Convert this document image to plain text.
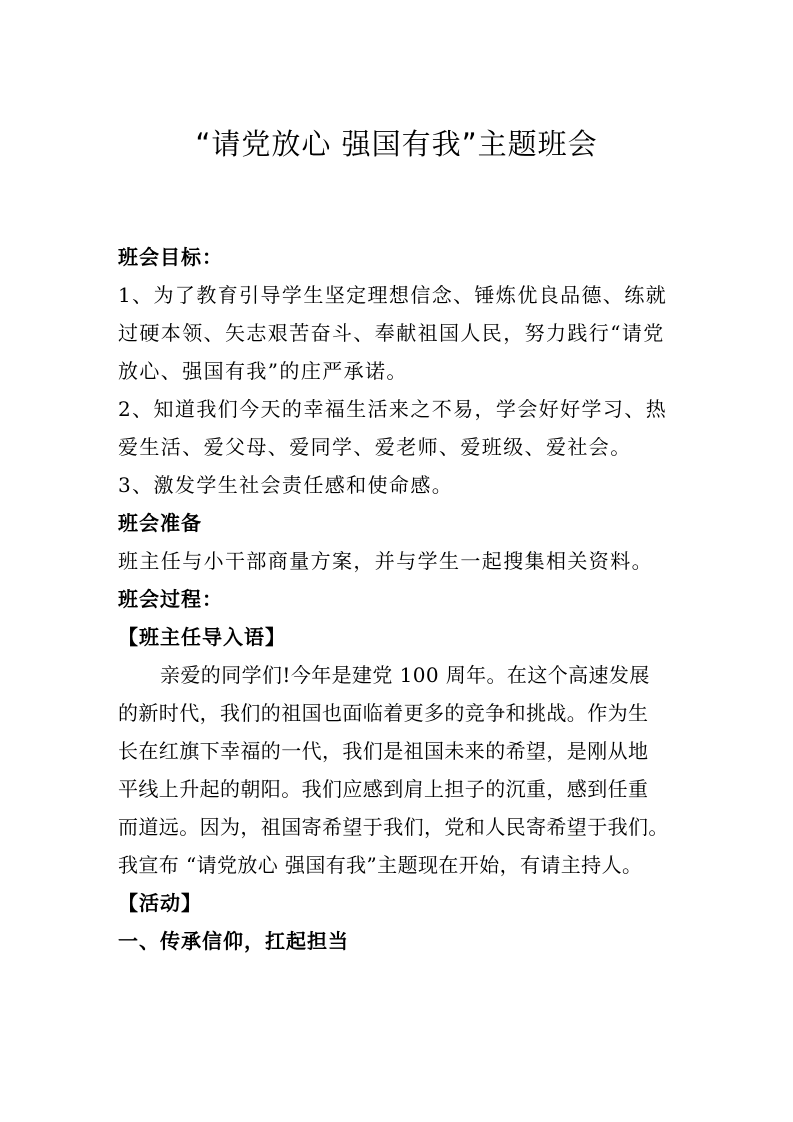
“请党放心 强国有我”主题班会
班会目标：
1、为了教育引导学生坚定理想信念、锤炼优良品德、练就
过硬本领、矢志艰苦奋斗、奉献祖国人民，努力践行“请党
放心、强国有我”的庄严承诺。
2、知道我们今天的幸福生活来之不易，学会好好学习、热
爱生活、爱父母、爱同学、爱老师、爱班级、爱社会。
3、激发学生社会责任感和使命感。
班会准备
班主任与小干部商量方案，并与学生一起搜集相关资料。
班会过程：
【班主任导入语】
亲爱的同学们!今年是建党 100 周年。在这个高速发展
的新时代，我们的祖国也面临着更多的竞争和挑战。作为生
长在红旗下幸福的一代，我们是祖国未来的希望，是刚从地
平线上升起的朝阳。我们应感到肩上担子的沉重，感到任重
而道远。因为，祖国寄希望于我们，党和人民寄希望于我们。
我宣布 “请党放心 强国有我”主题现在开始，有请主持人。
【活动】
一、传承信仰，扛起担当
